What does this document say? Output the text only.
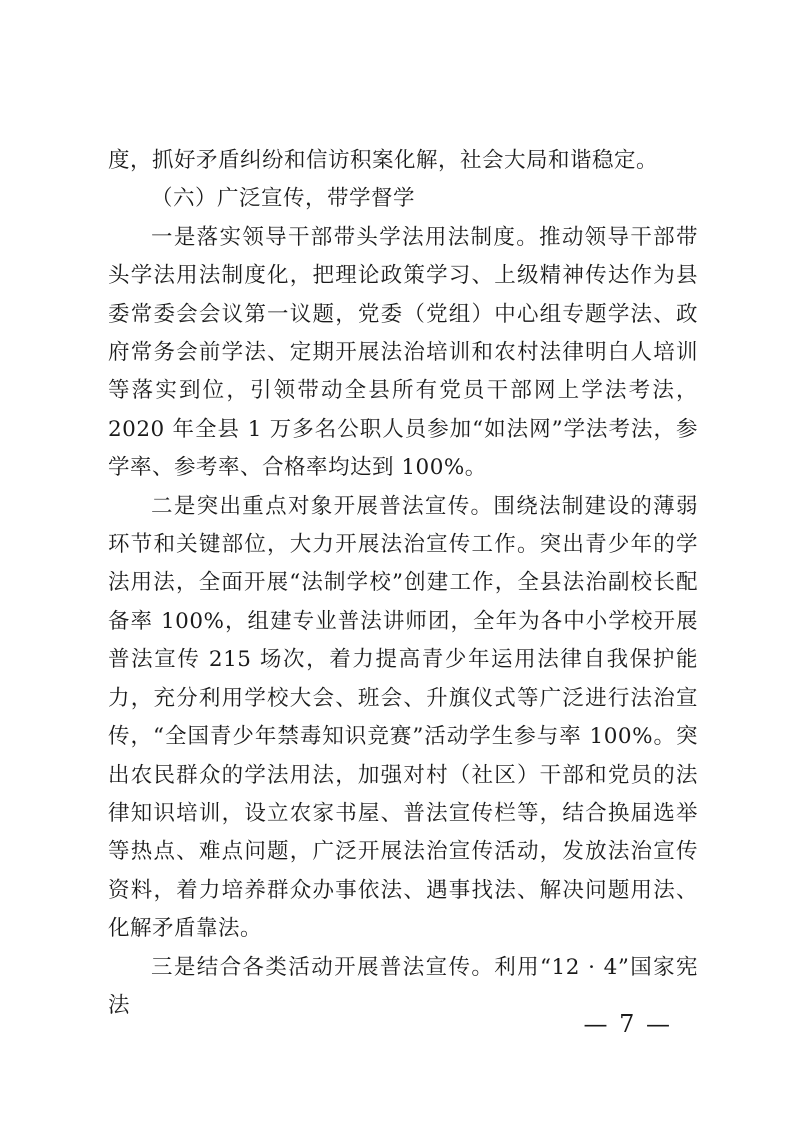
度，抓好矛盾纠纷和信访积案化解，社会大局和谐稳定。

（六）广泛宣传，带学督学

一是落实领导干部带头学法用法制度。推动领导干部带头学法用法制度化，把理论政策学习、上级精神传达作为县委常委会会议第一议题，党委（党组）中心组专题学法、政府常务会前学法、定期开展法治培训和农村法律明白人培训等落实到位，引领带动全县所有党员干部网上学法考法，2020 年全县 1 万多名公职人员参加“如法网”学法考法，参学率、参考率、合格率均达到 100%。

二是突出重点对象开展普法宣传。围绕法制建设的薄弱环节和关键部位，大力开展法治宣传工作。突出青少年的学法用法，全面开展“法制学校”创建工作，全县法治副校长配备率 100%，组建专业普法讲师团，全年为各中小学校开展普法宣传 215 场次，着力提高青少年运用法律自我保护能力，充分利用学校大会、班会、升旗仪式等广泛进行法治宣传，“全国青少年禁毒知识竞赛”活动学生参与率 100%。突出农民群众的学法用法，加强对村（社区）干部和党员的法律知识培训，设立农家书屋、普法宣传栏等，结合换届选举等热点、难点问题，广泛开展法治宣传活动，发放法治宣传资料，着力培养群众办事依法、遇事找法、解决问题用法、化解矛盾靠法。

三是结合各类活动开展普法宣传。利用“12 · 4”国家宪法

— 7 —
